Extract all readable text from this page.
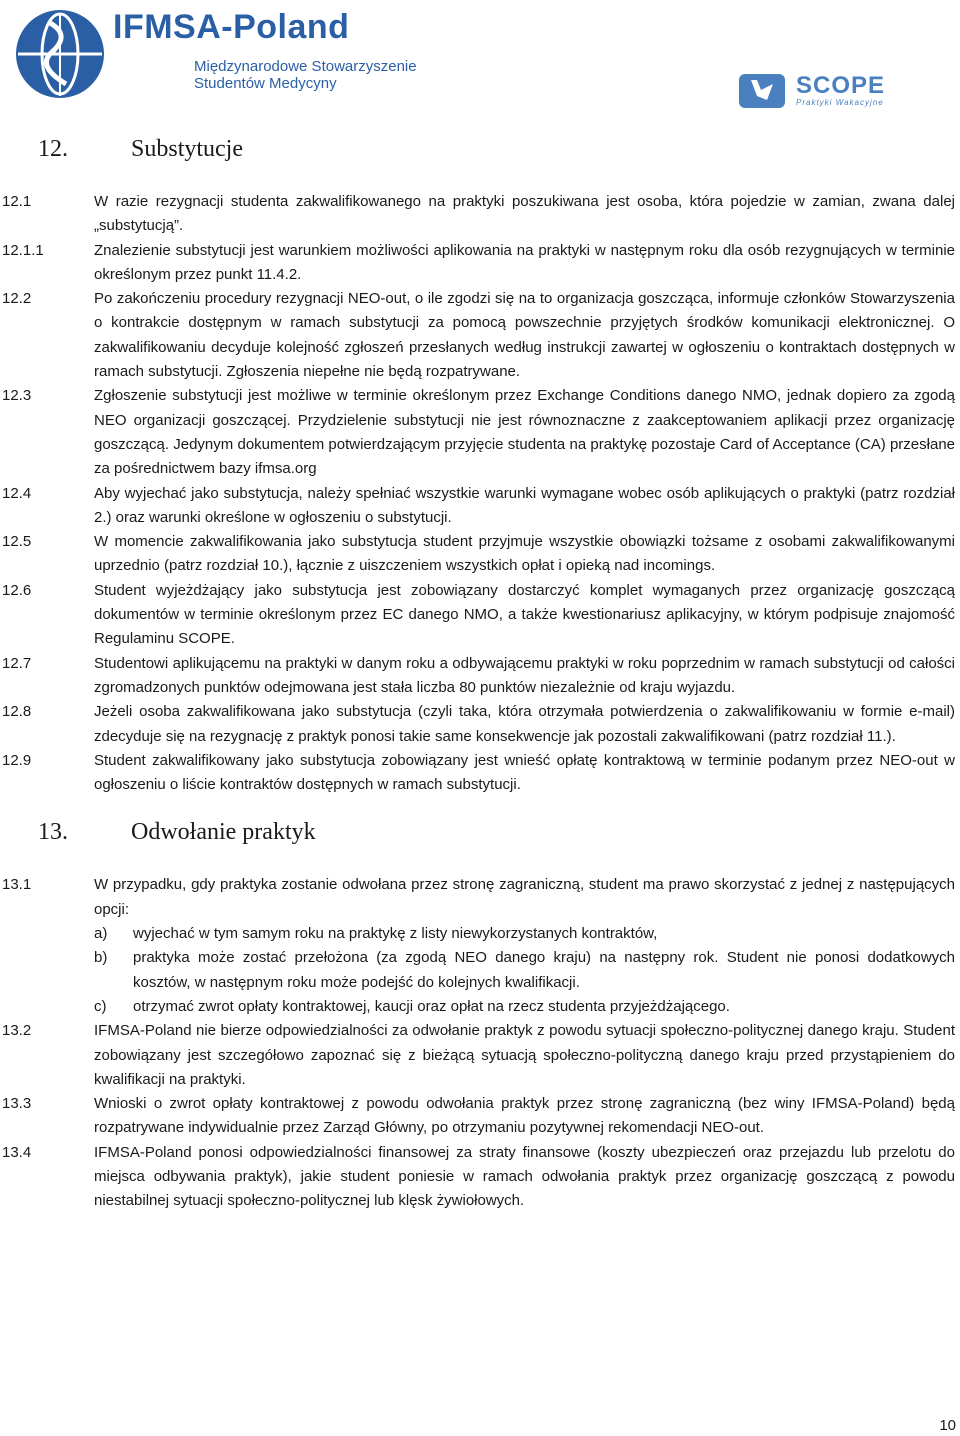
IFMSA-Poland
Międzynarodowe Stowarzyszenie
Studentów Medycyny	SCOPE
Praktyki Wakacyjne
12.	Substytucje
12.1	W razie rezygnacji studenta zakwalifikowanego na praktyki poszukiwana jest osoba, która pojedzie w zamian, zwana dalej „substytucją”.
12.1.1	Znalezienie substytucji jest warunkiem możliwości aplikowania na praktyki w następnym roku dla osób rezygnujących w terminie określonym przez punkt 11.4.2.
12.2	Po zakończeniu procedury rezygnacji NEO-out, o ile zgodzi się na to organizacja goszcząca, informuje członków Stowarzyszenia o kontrakcie dostępnym w ramach substytucji za pomocą powszechnie przyjętych środków komunikacji elektronicznej. O zakwalifikowaniu decyduje kolejność zgłoszeń przesłanych według instrukcji zawartej w ogłoszeniu o kontraktach dostępnych w ramach substytucji. Zgłoszenia niepełne nie będą rozpatrywane.
12.3	Zgłoszenie substytucji jest możliwe w terminie określonym przez Exchange Conditions danego NMO, jednak dopiero za zgodą NEO organizacji goszczącej. Przydzielenie substytucji nie jest równoznaczne z zaakceptowaniem aplikacji przez organizację goszczącą. Jedynym dokumentem potwierdzającym przyjęcie studenta na praktykę pozostaje Card of Acceptance (CA) przesłane za pośrednictwem bazy ifmsa.org
12.4	Aby wyjechać jako substytucja, należy spełniać wszystkie warunki wymagane wobec osób aplikujących o praktyki (patrz rozdział 2.) oraz warunki określone w ogłoszeniu o substytucji.
12.5	W momencie zakwalifikowania jako substytucja student przyjmuje wszystkie obowiązki tożsame z osobami zakwalifikowanymi uprzednio (patrz rozdział 10.), łącznie z uiszczeniem wszystkich opłat i opieką nad incomings.
12.6	Student wyjeżdżający jako substytucja jest zobowiązany dostarczyć komplet wymaganych przez organizację goszczącą dokumentów w terminie określonym przez EC danego NMO, a także kwestionariusz aplikacyjny, w którym podpisuje znajomość Regulaminu SCOPE.
12.7	Studentowi aplikującemu na praktyki w danym roku a odbywającemu praktyki w roku poprzednim w ramach substytucji od całości zgromadzonych punktów odejmowana jest stała liczba 80 punktów niezależnie od kraju wyjazdu.
12.8	Jeżeli osoba zakwalifikowana jako substytucja (czyli taka, która otrzymała potwierdzenia o zakwalifikowaniu w formie e-mail) zdecyduje się na rezygnację z praktyk ponosi takie same konsekwencje jak pozostali zakwalifikowani (patrz rozdział 11.).
12.9	Student zakwalifikowany jako substytucja zobowiązany jest wnieść opłatę kontraktową w terminie podanym przez NEO-out w ogłoszeniu o liście kontraktów dostępnych w ramach substytucji.
13.	Odwołanie praktyk
13.1	W przypadku, gdy praktyka zostanie odwołana przez stronę zagraniczną, student ma prawo skorzystać z jednej z następujących opcji:
a) wyjechać w tym samym roku na praktykę z listy niewykorzystanych kontraktów,
b) praktyka może zostać przełożona (za zgodą NEO danego kraju) na następny rok. Student nie ponosi dodatkowych kosztów, w następnym roku może podejść do kolejnych kwalifikacji.
c) otrzymać zwrot opłaty kontraktowej, kaucji oraz opłat na rzecz studenta przyjeżdżającego.
13.2	IFMSA-Poland nie bierze odpowiedzialności za odwołanie praktyk z powodu sytuacji społeczno-politycznej danego kraju. Student zobowiązany jest szczegółowo zapoznać się z bieżącą sytuacją społeczno-polityczną danego kraju przed przystąpieniem do kwalifikacji na praktyki.
13.3	Wnioski o zwrot opłaty kontraktowej z powodu odwołania praktyk przez stronę zagraniczną (bez winy IFMSA-Poland) będą rozpatrywane indywidualnie przez Zarząd Główny, po otrzymaniu pozytywnej rekomendacji NEO-out.
13.4	IFMSA-Poland ponosi odpowiedzialności finansowej za straty finansowe (koszty ubezpieczeń oraz przejazdu lub przelotu do miejsca odbywania praktyk), jakie student poniesie w ramach odwołania praktyk przez organizację goszczącą z powodu niestabilnej sytuacji społeczno-politycznej lub klęsk żywiołowych.
10
